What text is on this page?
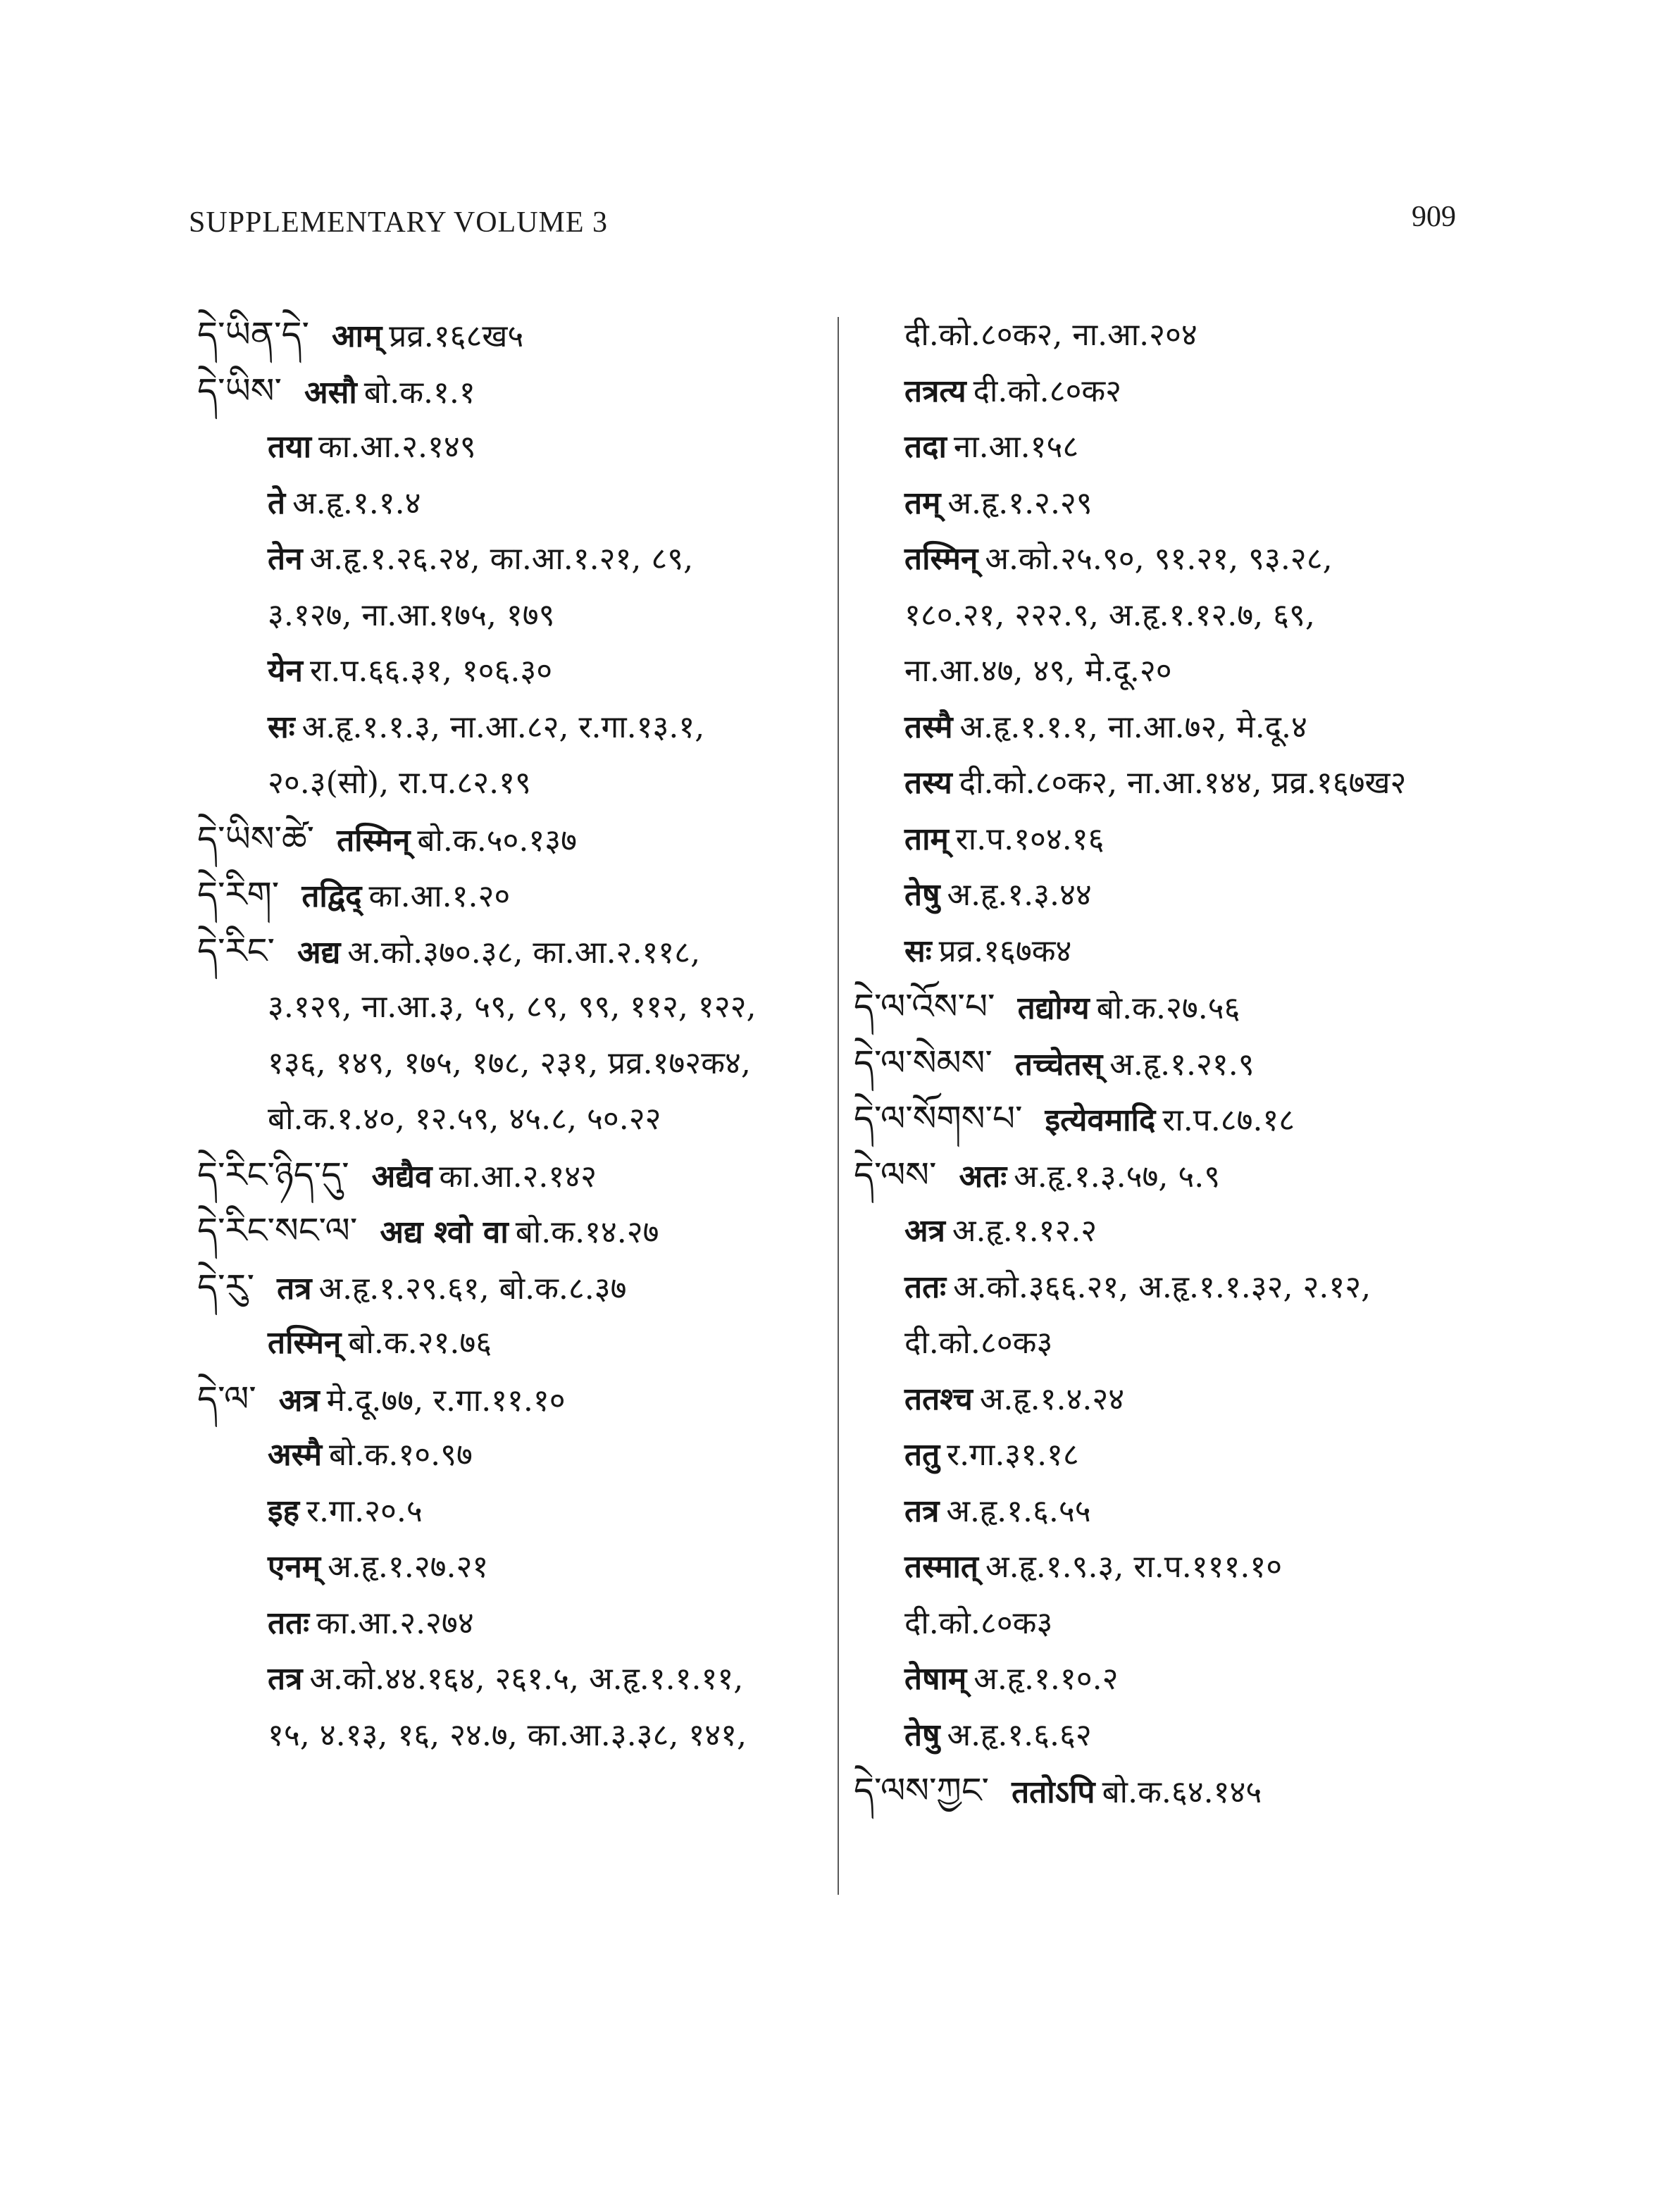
SUPPLEMENTARY VOLUME 3	909
དེ་ཡིན་དེ་ आम् प्रव्र.१६८ख५
དེ་ཡིས་ असौ बो.क.१.१
तया का.आ.२.१४९
ते अ.हृ.१.१.४
तेन अ.हृ.१.२६.२४, का.आ.१.२१, ८९,
३.१२७, ना.आ.१७५, १७९
येन रा.प.६६.३१, १०६.३०
सः अ.हृ.१.१.३, ना.आ.८२, र.गा.१३.१,
२०.३(सो), रा.प.८२.१९
དེ་ཡིས་ཚེ་ तस्मिन् बो.क.५०.१३७
དེ་རིག་ तद्विद् का.आ.१.२०
དེ་རིང་ अद्य अ.को.३७०.३८, का.आ.२.११८,
३.१२९, ना.आ.३, ५९, ८९, ९९, ११२, १२२,
१३६, १४९, १७५, १७८, २३१, प्रव्र.१७२क४,
बो.क.१.४०, १२.५९, ४५.८, ५०.२२
དེ་རིང་ཉིད་དུ་ अद्यैव का.आ.२.१४२
དེ་རིང་སང་ལ་ अद्य श्वो वा बो.क.१४.२७
དེ་རུ་ तत्र अ.हृ.१.२९.६१, बो.क.८.३७
तस्मिन् बो.क.२१.७६
དེ་ལ་ अत्र मे.दू.७७, र.गा.११.१०
अस्मै बो.क.१०.९७
इह र.गा.२०.५
एनम् अ.हृ.१.२७.२१
ततः का.आ.२.२७४
तत्र अ.को.४४.१६४, २६१.५, अ.हृ.१.१.११,
१५, ४.१३, १६, २४.७, का.आ.३.३८, १४१,
दी.को.८०क२, ना.आ.२०४
तत्रत्य दी.को.८०क२
तदा ना.आ.१५८
तम् अ.हृ.१.२.२९
तस्मिन् अ.को.२५.९०, ९१.२१, ९३.२८,
१८०.२१, २२२.९, अ.हृ.१.१२.७, ६९,
ना.आ.४७, ४९, मे.दू.२०
तस्मै अ.हृ.१.१.१, ना.आ.७२, मे.दू.४
तस्य दी.को.८०क२, ना.आ.१४४, प्रव्र.१६७ख२
ताम् रा.प.१०४.१६
तेषु अ.हृ.१.३.४४
सः प्रव्र.१६७क४
དེ་ལ་འོས་པ་ तद्योग्य बो.क.२७.५६
དེ་ལ་སེམས་ तच्चेतस् अ.हृ.१.२१.९
དེ་ལ་སོགས་པ་ इत्येवमादि रा.प.८७.१८
དེ་ལས་ अतः अ.हृ.१.३.५७, ५.९
अत्र अ.हृ.१.१२.२
ततः अ.को.३६६.२१, अ.हृ.१.१.३२, २.१२,
दी.को.८०क३
ततश्च अ.हृ.१.४.२४
ततु र.गा.३१.१८
तत्र अ.हृ.१.६.५५
तस्मात् अ.हृ.१.९.३, रा.प.१११.१०
दी.को.८०क३
तेषाम् अ.हृ.१.१०.२
तेषु अ.हृ.१.६.६२
དེ་ལས་ཀྱང་ ततोऽपि बो.क.६४.१४५
